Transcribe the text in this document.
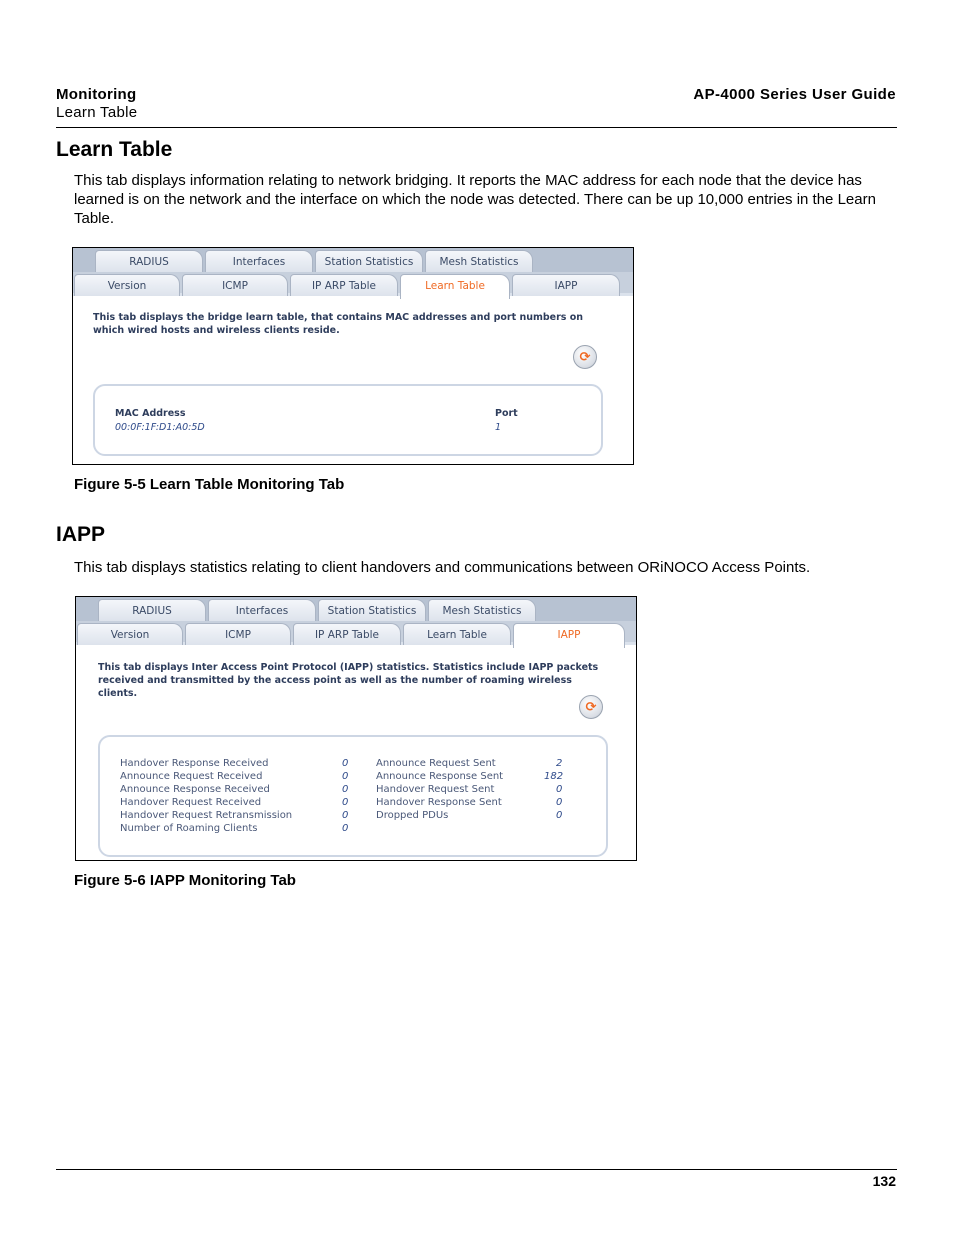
Monitoring
Learn Table
AP-4000 Series User Guide
Learn Table
This tab displays information relating to network bridging. It reports the MAC address for each node that the device has learned is on the network and the interface on which the node was detected. There can be up 10,000 entries in the Learn Table.
RADIUS	Interfaces	Station Statistics	Mesh Statistics
Version	ICMP	IP ARP Table	Learn Table	IAPP
This tab displays the bridge learn table, that contains MAC addresses and port numbers on which wired hosts and wireless clients reside.
⟳
MAC Address	Port
00:0F:1F:D1:A0:5D	1
Figure 5-5 Learn Table Monitoring Tab
IAPP
This tab displays statistics relating to client handovers and communications between ORiNOCO Access Points.
RADIUS	Interfaces	Station Statistics	Mesh Statistics
Version	ICMP	IP ARP Table	Learn Table	IAPP
This tab displays Inter Access Point Protocol (IAPP) statistics. Statistics include IAPP packets received and transmitted by the access point as well as the number of roaming wireless clients.
⟳
Handover Response Received	0
Announce Request Received	0
Announce Response Received	0
Handover Request Received	0
Handover Request Retransmission	0
Number of Roaming Clients	0
Announce Request Sent	2
Announce Response Sent	182
Handover Request Sent	0
Handover Response Sent	0
Dropped PDUs	0
Figure 5-6 IAPP Monitoring Tab
132
